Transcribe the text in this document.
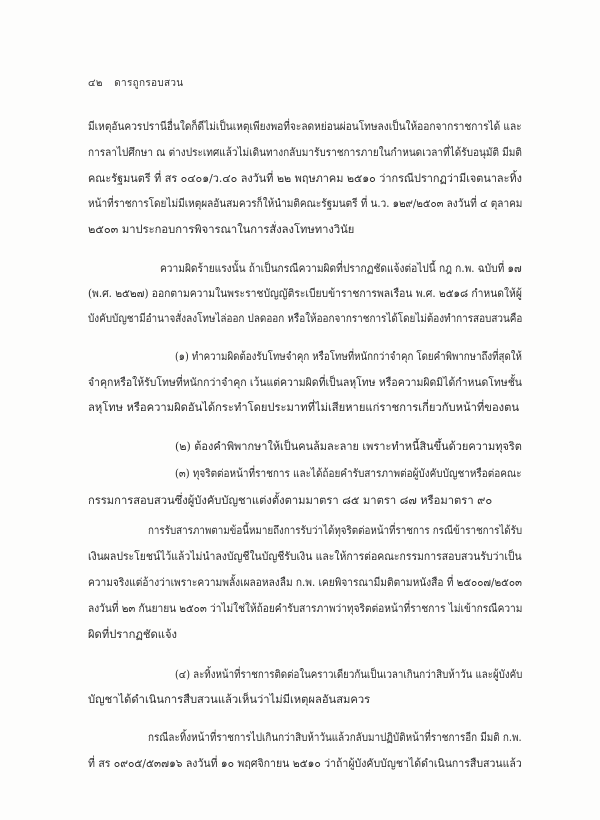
๔๒ ดารถูกรอบสวน
มีเหตุอันควรปรานีอื่นใดก็ดีไม่เป็นเหตุเพียงพอที่จะลดหย่อนผ่อนโทษลงเป็นให้ออกจากราชการได้ และ
การลาไปศึกษา ณ ต่างประเทศแล้วไม่เดินทางกลับมารับราชการภายในกำหนดเวลาที่ได้รับอนุมัติ มีมติ
คณะรัฐมนตรี ที่ สร ๐๔๐๑/ว.๔๐ ลงวันที่ ๒๒ พฤษภาคม ๒๕๑๐ ว่ากรณีปรากฏว่ามีเจตนาละทิ้ง
หน้าที่ราชการโดยไม่มีเหตุผลอันสมควรก็ให้นำมติคณะรัฐมนตรี ที่ น.ว. ๑๒๙/๒๕๐๓ ลงวันที่ ๔ ตุลาคม
๒๕๐๓ มาประกอบการพิจารณาในการสั่งลงโทษทางวินัย
ความผิดร้ายแรงนั้น ถ้าเป็นกรณีความผิดที่ปรากฏชัดแจ้งต่อไปนี้ กฎ ก.พ. ฉบับที่ ๑๗
(พ.ศ. ๒๕๒๗) ออกตามความในพระราชบัญญัติระเบียบข้าราชการพลเรือน พ.ศ. ๒๕๑๘ กำหนดให้ผู้
บังคับบัญชามีอำนาจสั่งลงโทษไล่ออก ปลดออก หรือให้ออกจากราชการได้โดยไม่ต้องทำการสอบสวนคือ
(๑) ทำความผิดต้องรับโทษจำคุก หรือโทษที่หนักกว่าจำคุก โดยคำพิพากษาถึงที่สุดให้
จำคุกหรือให้รับโทษที่หนักกว่าจำคุก เว้นแต่ความผิดที่เป็นลหุโทษ หรือความผิดมิได้กำหนดโทษชั้น
ลหุโทษ หรือความผิดอันได้กระทำโดยประมาทที่ไม่เสียหายแก่ราชการเกี่ยวกับหน้าที่ของตน
(๒) ต้องคำพิพากษาให้เป็นคนล้มละลาย เพราะทำหนี้สินขึ้นด้วยความทุจริต
(๓) ทุจริตต่อหน้าที่ราชการ และได้ถ้อยคำรับสารภาพต่อผู้บังคับบัญชาหรือต่อคณะ
กรรมการสอบสวนซึ่งผู้บังคับบัญชาแต่งตั้งตามมาตรา ๘๕ มาตรา ๘๗ หรือมาตรา ๙๐
การรับสารภาพตามข้อนี้หมายถึงการรับว่าได้ทุจริตต่อหน้าที่ราชการ กรณีข้าราชการได้รับ
เงินผลประโยชน์ไว้แล้วไม่นำลงบัญชีในบัญชีรับเงิน และให้การต่อคณะกรรมการสอบสวนรับว่าเป็น
ความจริงแต่อ้างว่าเพราะความพลั้งเผลอหลงลืม ก.พ. เคยพิจารณามีมติตามหนังสือ ที่ ๒๕๐๐๗/๒๕๐๓
ลงวันที่ ๒๓ กันยายน ๒๕๐๓ ว่าไม่ใช่ให้ถ้อยคำรับสารภาพว่าทุจริตต่อหน้าที่ราชการ ไม่เข้ากรณีความ
ผิดที่ปรากฏชัดแจ้ง
(๔) ละทิ้งหน้าที่ราชการติดต่อในคราวเดียวกันเป็นเวลาเกินกว่าสิบห้าวัน และผู้บังคับ
บัญชาได้ดำเนินการสืบสวนแล้วเห็นว่าไม่มีเหตุผลอันสมควร
กรณีละทิ้งหน้าที่ราชการไปเกินกว่าสิบห้าวันแล้วกลับมาปฏิบัติหน้าที่ราชการอีก มีมติ ก.พ.
ที่ สร ๐๙๐๕/๕๓๗๑๖ ลงวันที่ ๑๐ พฤศจิกายน ๒๕๑๐ ว่าถ้าผู้บังคับบัญชาได้ดำเนินการสืบสวนแล้ว
